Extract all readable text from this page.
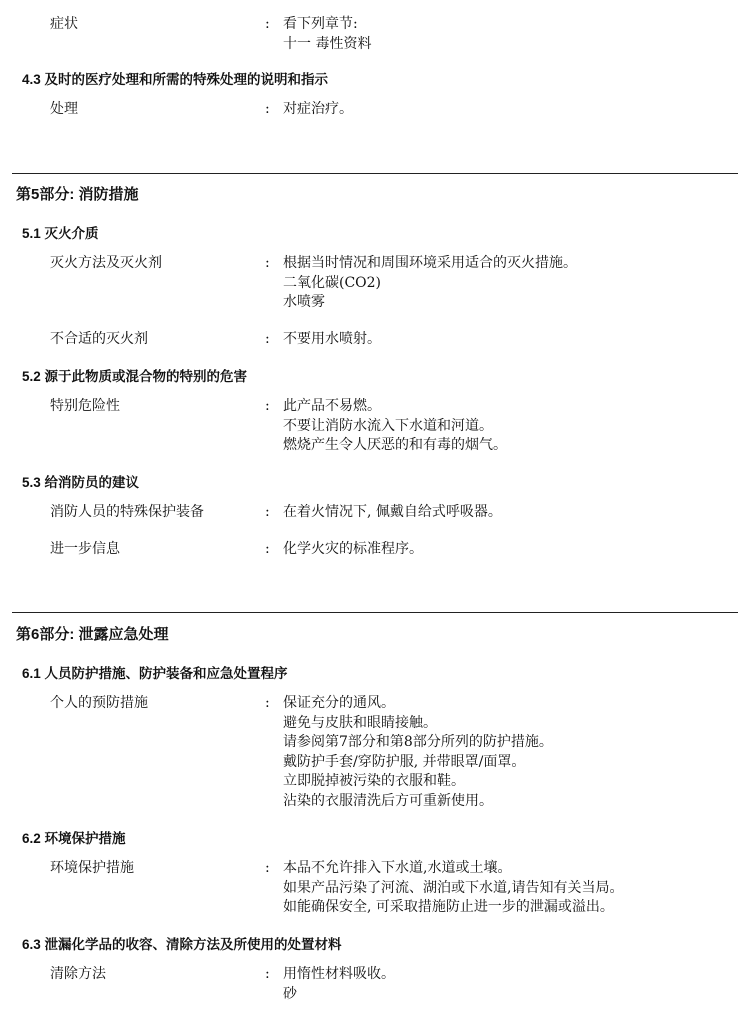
症状	: 看下列章节:
十一 毒性资料
4.3 及时的医疗处理和所需的特殊处理的说明和指示
处理	: 对症治疗。
第5部分: 消防措施
5.1 灭火介质
灭火方法及灭火剂	: 根据当时情况和周围环境采用适合的灭火措施。
二氧化碳(CO2)
水喷雾
不合适的灭火剂	: 不要用水喷射。
5.2 源于此物质或混合物的特别的危害
特别危险性	: 此产品不易燃。
不要让消防水流入下水道和河道。
燃烧产生令人厌恶的和有毒的烟气。
5.3 给消防员的建议
消防人员的特殊保护装备	: 在着火情况下, 佩戴自给式呼吸器。
进一步信息	: 化学火灾的标准程序。
第6部分: 泄露应急处理
6.1 人员防护措施、防护装备和应急处置程序
个人的预防措施	: 保证充分的通风。
避免与皮肤和眼睛接触。
请参阅第7部分和第8部分所列的防护措施。
戴防护手套/穿防护服, 并带眼罩/面罩。
立即脱掉被污染的衣服和鞋。
沾染的衣服清洗后方可重新使用。
6.2 环境保护措施
环境保护措施	: 本品不允许排入下水道,水道或土壤。
如果产品污染了河流、湖泊或下水道,请告知有关当局。
如能确保安全, 可采取措施防止进一步的泄漏或溢出。
6.3 泄漏化学品的收容、清除方法及所使用的处置材料
清除方法	: 用惰性材料吸收。
砂
